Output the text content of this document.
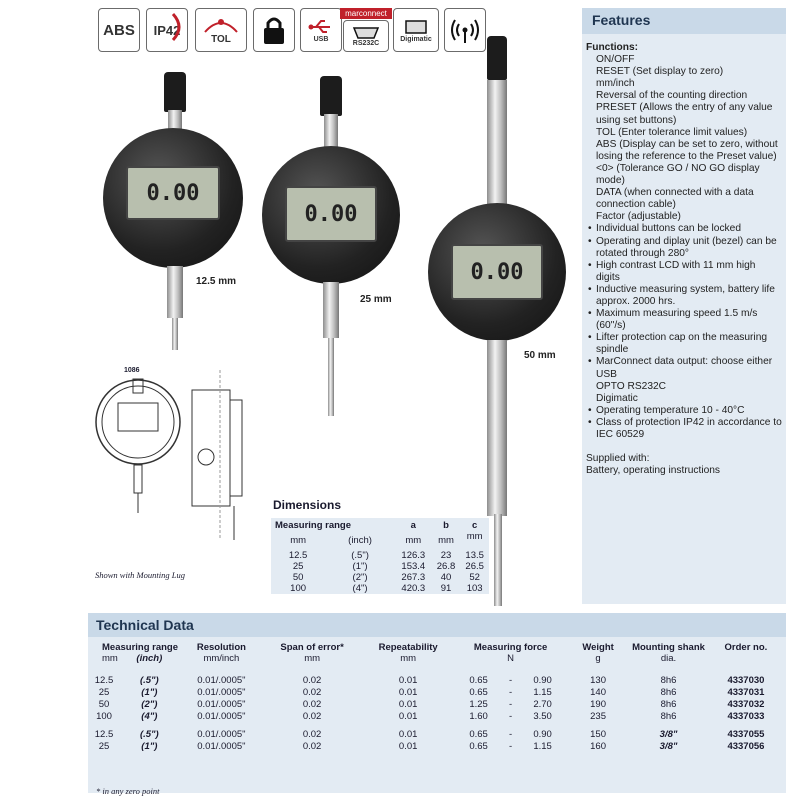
ABS	IP42
TOL	USB
marconnect
RS232C
Digimatic
0.00
12.5 mm
0.00
25 mm
0.00
50 mm
1086
Shown with Mounting Lug
Dimensions
Measuring range		a	b	c
mm	(inch)	mm	mm	mm
12.5	(.5")	126.3	23	13.5
25	(1")	153.4	26.8	26.5
50	(2")	267.3	40	52
100	(4")	420.3	91	103
Features
Functions:
ON/OFF
RESET (Set display to zero)
mm/inch
Reversal of the counting direction
PRESET (Allows the entry of any value using set buttons)
TOL (Enter tolerance limit values)
ABS (Display can be set to zero, without losing the reference to the Preset value)
<0> (Tolerance GO / NO GO display mode)
DATA (when connected with a data connection cable)
Factor (adjustable)
• Individual buttons can be locked
• Operating and diplay unit (bezel) can be rotated through 280°
• High contrast LCD with 11 mm high digits
• Inductive measuring system, battery life approx. 2000 hrs.
• Maximum measuring speed 1.5 m/s (60"/s)
• Lifter protection cap on the measuring spindle
• MarConnect data output: choose either
USB
OPTO RS232C
Digimatic
• Operating temperature 10 - 40°C
• Class of protection IP42 in accordance to IEC 60529
Supplied with:
Battery, operating instructions
Technical Data
Measuring range		Resolution	Span of error*	Repeatability	Measuring force			Weight	Mounting shank	Order no.
mm	(inch)	mm/inch	mm	mm	N			g	dia.	
12.5	(.5")	0.01/.0005"	0.02	0.01	0.65	-	0.90	130	8h6	4337030
25	(1")	0.01/.0005"	0.02	0.01	0.65	-	1.15	140	8h6	4337031
50	(2")	0.01/.0005"	0.02	0.01	1.25	-	2.70	190	8h6	4337032
100	(4")	0.01/.0005"	0.02	0.01	1.60	-	3.50	235	8h6	4337033
12.5	(.5")	0.01/.0005"	0.02	0.01	0.65	-	0.90	150	3/8"	4337055
25	(1")	0.01/.0005"	0.02	0.01	0.65	-	1.15	160	3/8"	4337056
* in any zero point
